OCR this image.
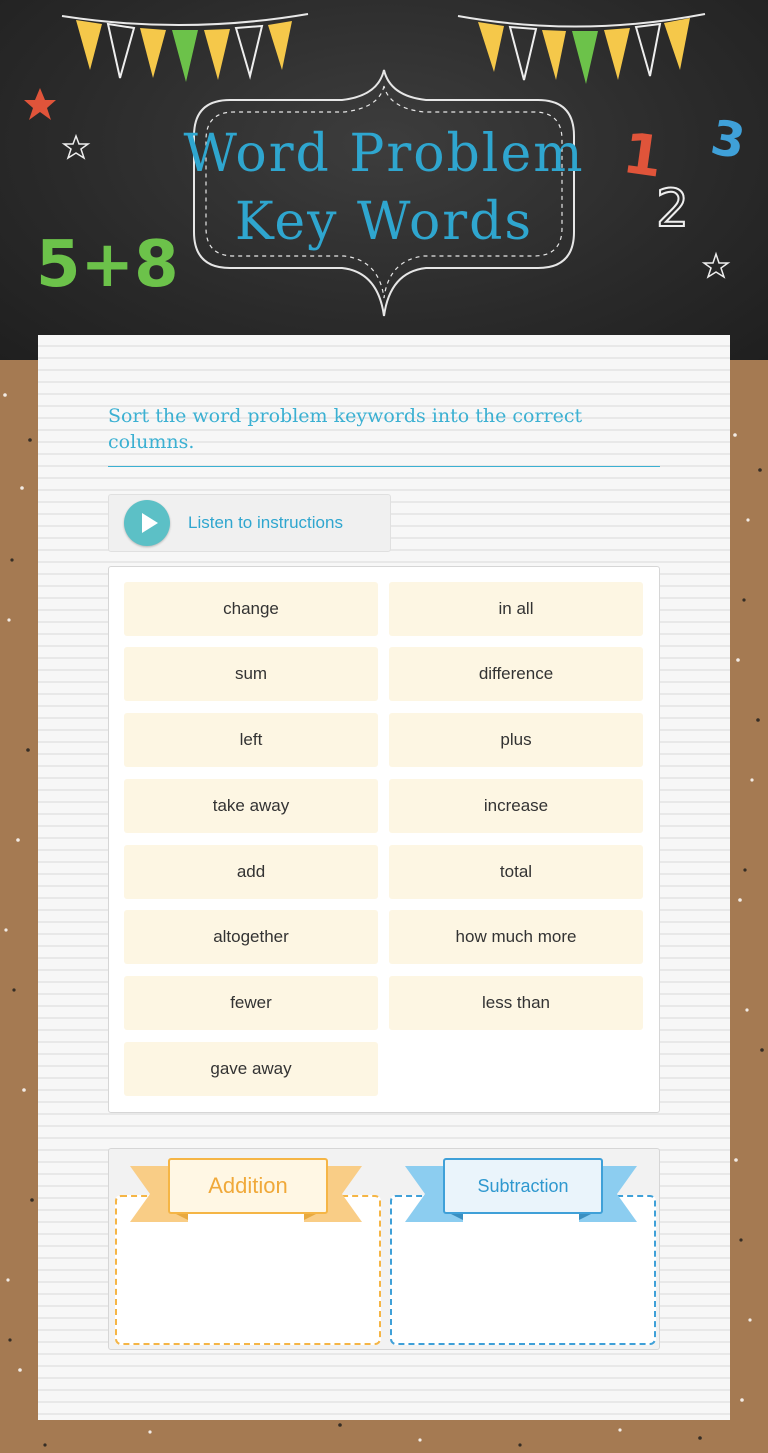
5+8
1
2
3
Word Problem
Key Words
Sort the word problem keywords into the correct columns.
Listen to instructions
change	in all
sum	difference
left	plus
take away	increase
add	total
altogether	how much more
fewer	less than
gave away
Addition	Subtraction
